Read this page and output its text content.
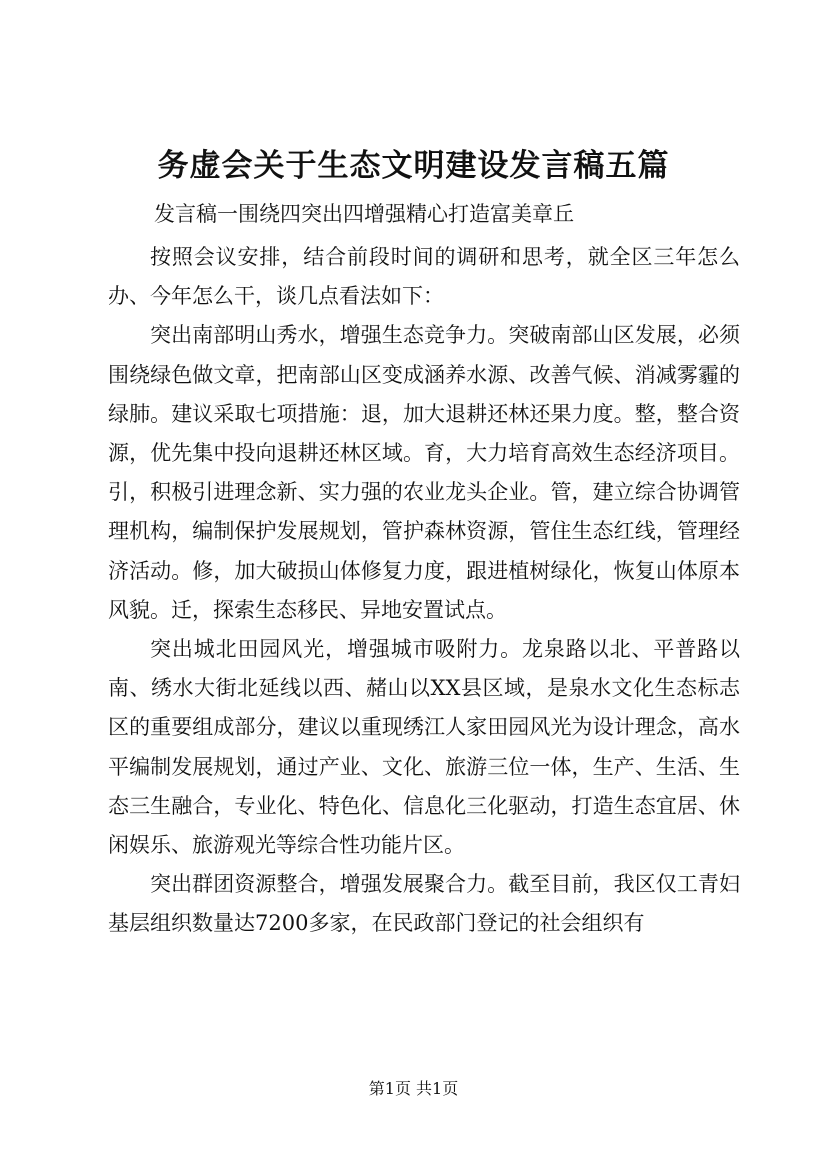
务虚会关于生态文明建设发言稿五篇
发言稿一围绕四突出四增强精心打造富美章丘

按照会议安排，结合前段时间的调研和思考，就全区三年怎么办、今年怎么干，谈几点看法如下：

突出南部明山秀水，增强生态竞争力。突破南部山区发展，必须围绕绿色做文章，把南部山区变成涵养水源、改善气候、消减雾霾的绿肺。建议采取七项措施：退，加大退耕还林还果力度。整，整合资源，优先集中投向退耕还林区域。育，大力培育高效生态经济项目。引，积极引进理念新、实力强的农业龙头企业。管，建立综合协调管理机构，编制保护发展规划，管护森林资源，管住生态红线，管理经济活动。修，加大破损山体修复力度，跟进植树绿化，恢复山体原本风貌。迁，探索生态移民、异地安置试点。

突出城北田园风光，增强城市吸附力。龙泉路以北、平普路以南、绣水大街北延线以西、赭山以XX县区域，是泉水文化生态标志区的重要组成部分，建议以重现绣江人家田园风光为设计理念，高水平编制发展规划，通过产业、文化、旅游三位一体，生产、生活、生态三生融合，专业化、特色化、信息化三化驱动，打造生态宜居、休闲娱乐、旅游观光等综合性功能片区。

突出群团资源整合，增强发展聚合力。截至目前，我区仅工青妇基层组织数量达7200多家，在民政部门登记的社会组织有

第1页 共1页
